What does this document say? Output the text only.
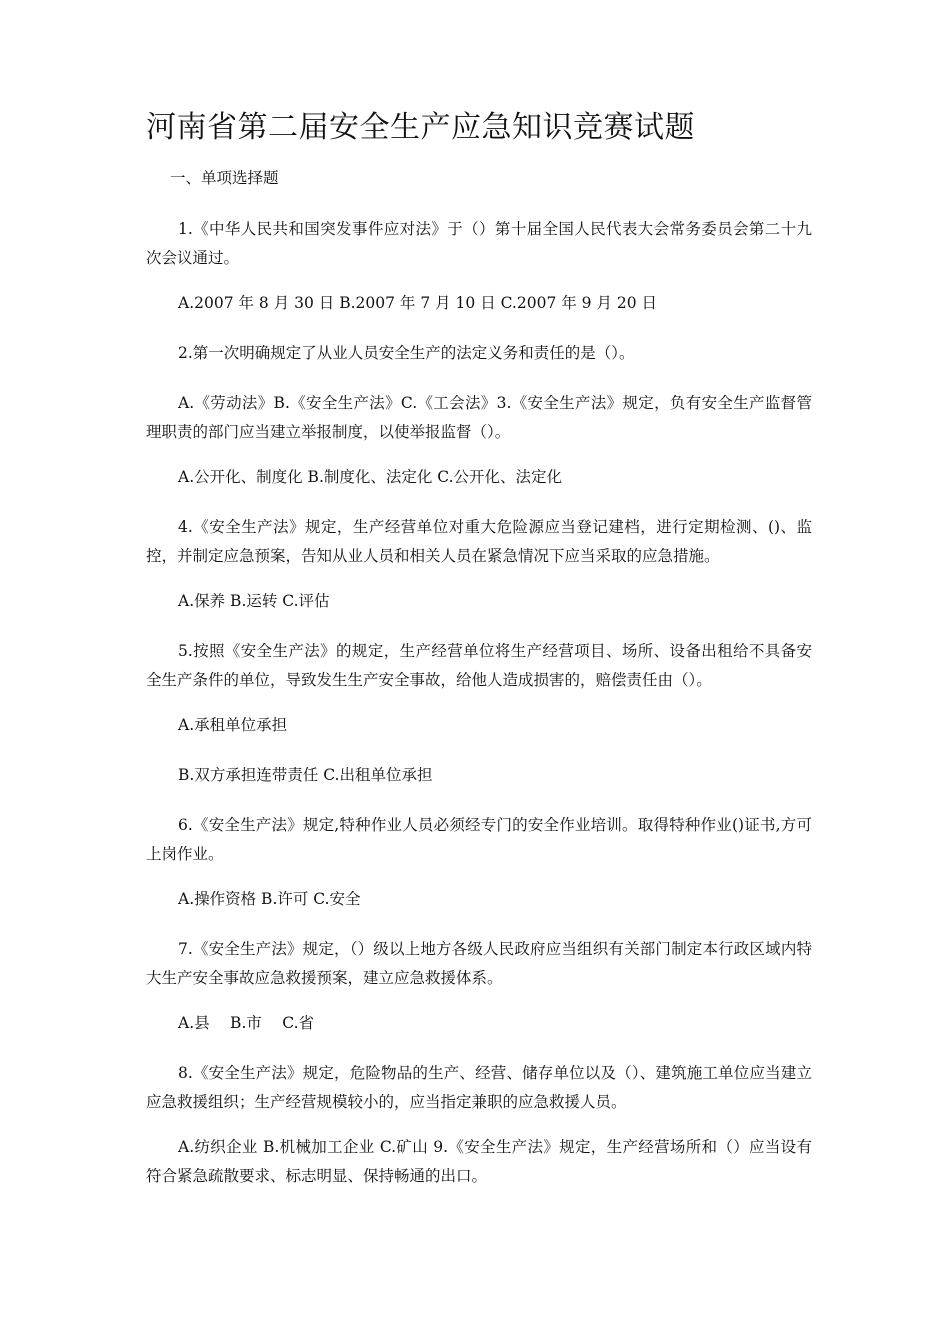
河南省第二届安全生产应急知识竞赛试题
一、单项选择题

1.《中华人民共和国突发事件应对法》于（）第十届全国人民代表大会常务委员会第二十九次会议通过。

A.2007 年 8 月 30 日 B.2007 年 7 月 10 日 C.2007 年 9 月 20 日

2.第一次明确规定了从业人员安全生产的法定义务和责任的是（）。

A.《劳动法》B.《安全生产法》C.《工会法》3.《安全生产法》规定，负有安全生产监督管理职责的部门应当建立举报制度，以使举报监督（）。

A.公开化、制度化 B.制度化、法定化 C.公开化、法定化

4.《安全生产法》规定，生产经营单位对重大危险源应当登记建档，进行定期检测、()、监控，并制定应急预案，告知从业人员和相关人员在紧急情况下应当采取的应急措施。

A.保养 B.运转 C.评估

5.按照《安全生产法》的规定，生产经营单位将生产经营项目、场所、设备出租给不具备安全生产条件的单位，导致发生生产安全事故，给他人造成损害的，赔偿责任由（）。

A.承租单位承担

B.双方承担连带责任 C.出租单位承担

6.《安全生产法》规定,特种作业人员必须经专门的安全作业培训。取得特种作业()证书,方可上岗作业。

A.操作资格 B.许可 C.安全

7.《安全生产法》规定，（）级以上地方各级人民政府应当组织有关部门制定本行政区域内特大生产安全事故应急救援预案，建立应急救援体系。

A.县　 B.市　 C.省

8.《安全生产法》规定，危险物品的生产、经营、储存单位以及（）、建筑施工单位应当建立应急救援组织；生产经营规模较小的，应当指定兼职的应急救援人员。

A.纺织企业 B.机械加工企业 C.矿山 9.《安全生产法》规定，生产经营场所和（）应当设有符合紧急疏散要求、标志明显、保持畅通的出口。
